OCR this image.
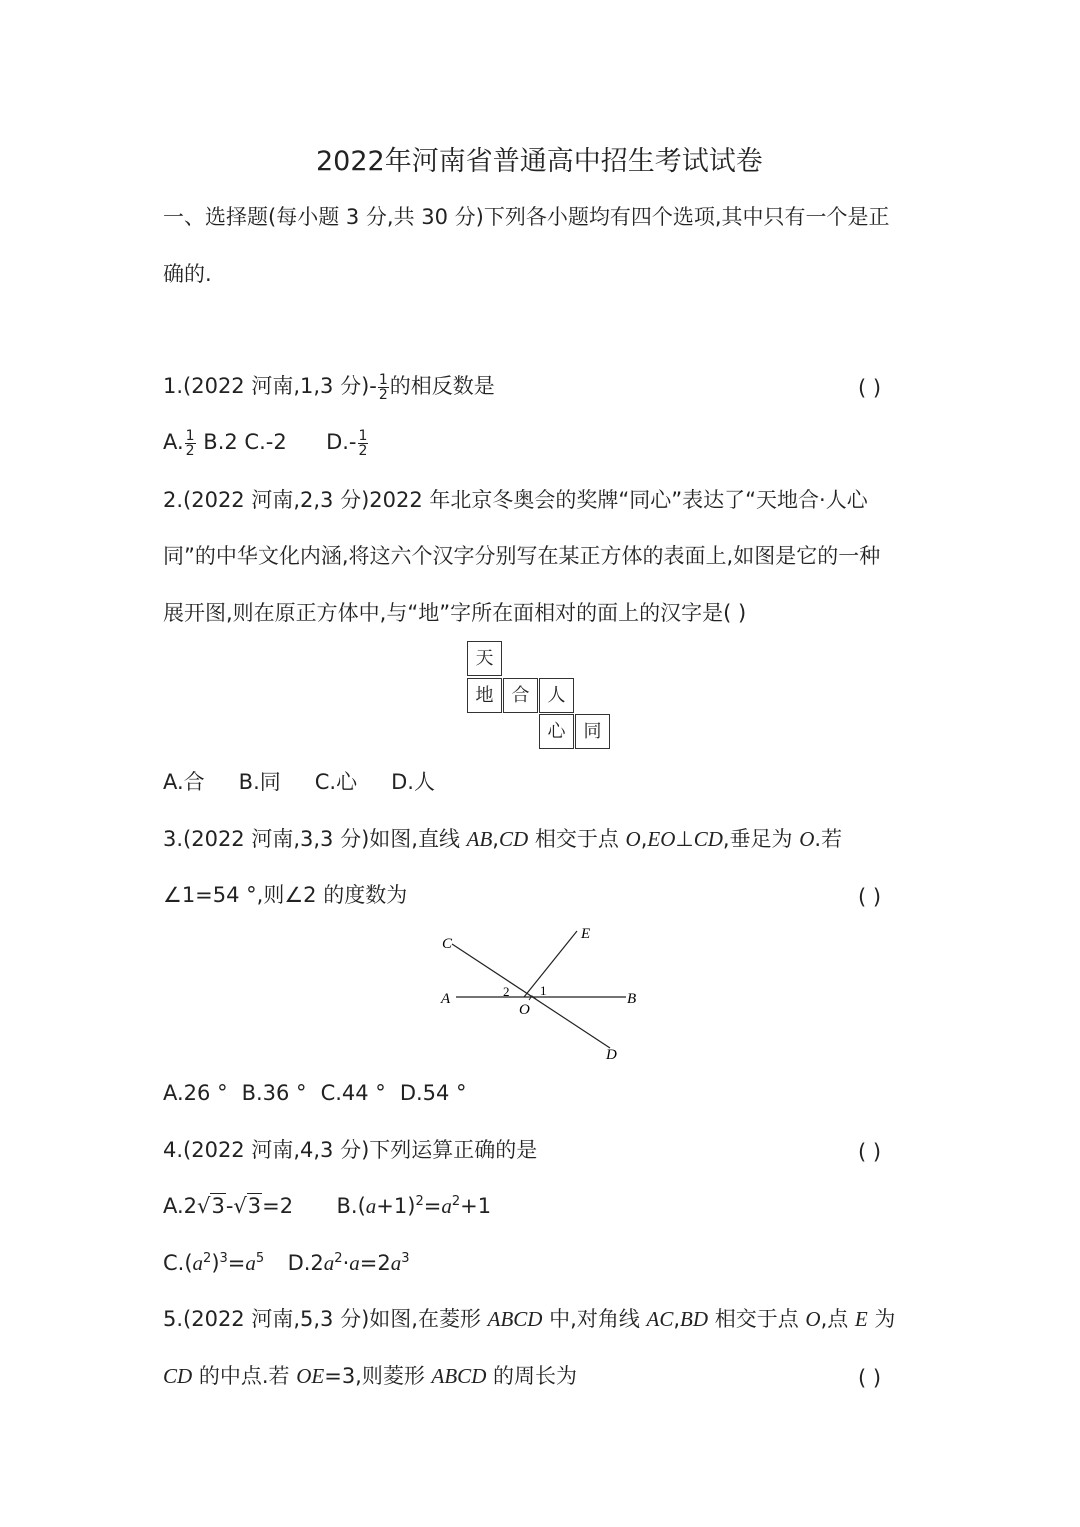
2022年河南省普通高中招生考试试卷
一、选择题(每小题 3 分,共 30 分)下列各小题均有四个选项,其中只有一个是正
确的.
1.(2022 河南,1,3 分)- $\frac{1}{2}$ 的相反数是	( )
A. $\frac{1}{2} B.2$ C.-2 $D.- \frac{1}{2}$
2.(2022 河南,2,3 分)2022 年北京冬奥会的奖牌“同心”表达了“天地合·人心
同”的中华文化内涵,将这六个汉字分别写在某正方体的表面上,如图是它的一种
展开图,则在原正方体中,与“地”字所在面相对的面上的汉字是( )
天
地	合	人
心	同
A.合 B.同 C.心 D.人
3.(2022 河南,3,3 分)如图,直线 AB,CD 相交于点 O,EO⊥CD,垂足为 O.若
∠1=54 °,则∠2 的度数为	( )
C
E
A	B
O
D
1
2
A.26 ° B.36 ° C.44 ° D.54 °
4.(2022 河南,4,3 分)下列运算正确的是	( )
A.2√3-√3=2 $B.(a+1)^2=a^2+1$
$C.(a^2)^3=a^5$ $D.2a^2\cdot a=2a^3$
5.(2022 河南,5,3 分)如图,在菱形 ABCD 中,对角线 AC,BD 相交于点 O,点 E 为
CD 的中点.若 OE=3,则菱形 ABCD 的周长为	( )
